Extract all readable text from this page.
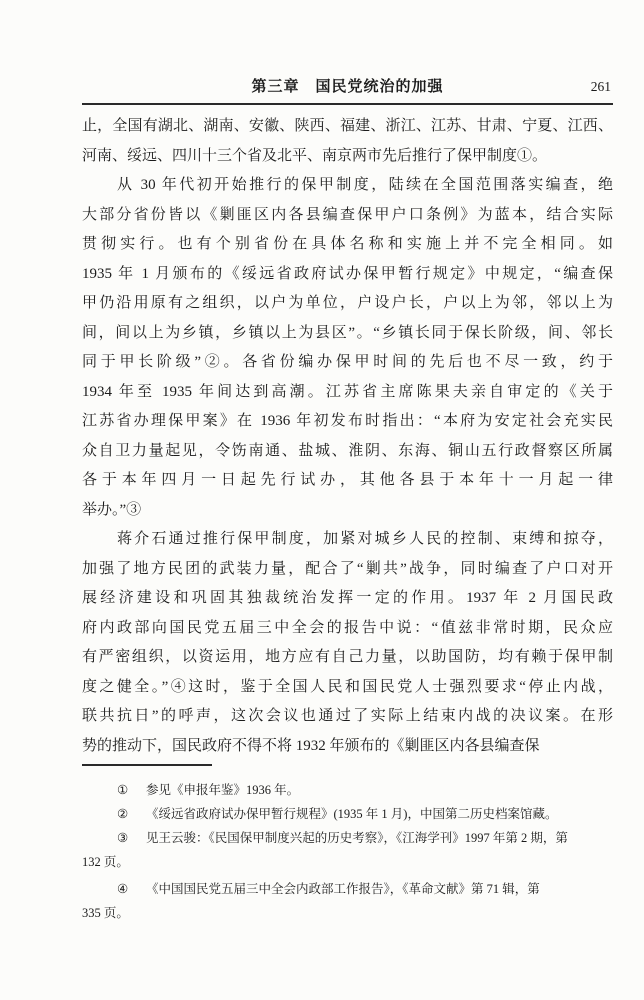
第三章　国民党统治的加强	261
止，全国有湖北、湖南、安徽、陕西、福建、浙江、江苏、甘肃、宁夏、江西、
河南、绥远、四川十三个省及北平、南京两市先后推行了保甲制度①。
从 30 年代初开始推行的保甲制度，陆续在全国范围落实编查，绝
大部分省份皆以《剿匪区内各县编查保甲户口条例》为蓝本，结合实际
贯彻实行。也有个别省份在具体名称和实施上并不完全相同。如
1935 年 1 月颁布的《绥远省政府试办保甲暂行规定》中规定，“编查保
甲仍沿用原有之组织，以户为单位，户设户长，户以上为邻，邻以上为
间，间以上为乡镇，乡镇以上为县区”。“乡镇长同于保长阶级，间、邻长
同于甲长阶级”②。各省份编办保甲时间的先后也不尽一致，约于
1934 年至 1935 年间达到高潮。江苏省主席陈果夫亲自审定的《关于
江苏省办理保甲案》在 1936 年初发布时指出：“本府为安定社会充实民
众自卫力量起见，令饬南通、盐城、淮阴、东海、铜山五行政督察区所属
各于本年四月一日起先行试办，其他各县于本年十一月起一律
举办。”③
蒋介石通过推行保甲制度，加紧对城乡人民的控制、束缚和掠夺，
加强了地方民团的武装力量，配合了“剿共”战争，同时编查了户口对开
展经济建设和巩固其独裁统治发挥一定的作用。1937 年 2 月国民政
府内政部向国民党五届三中全会的报告中说：“值兹非常时期，民众应
有严密组织，以资运用，地方应有自己力量，以助国防，均有赖于保甲制
度之健全。”④这时，鉴于全国人民和国民党人士强烈要求“停止内战，
联共抗日”的呼声，这次会议也通过了实际上结束内战的决议案。在形
势的推动下，国民政府不得不将 1932 年颁布的《剿匪区内各县编查保
① 参见《申报年鉴》1936 年。
② 《绥远省政府试办保甲暂行规程》(1935 年 1 月)，中国第二历史档案馆藏。
③ 见王云骏：《民国保甲制度兴起的历史考察》，《江海学刊》1997 年第 2 期，第
132 页。
④ 《中国国民党五届三中全会内政部工作报告》，《革命文献》第 71 辑，第
335 页。
